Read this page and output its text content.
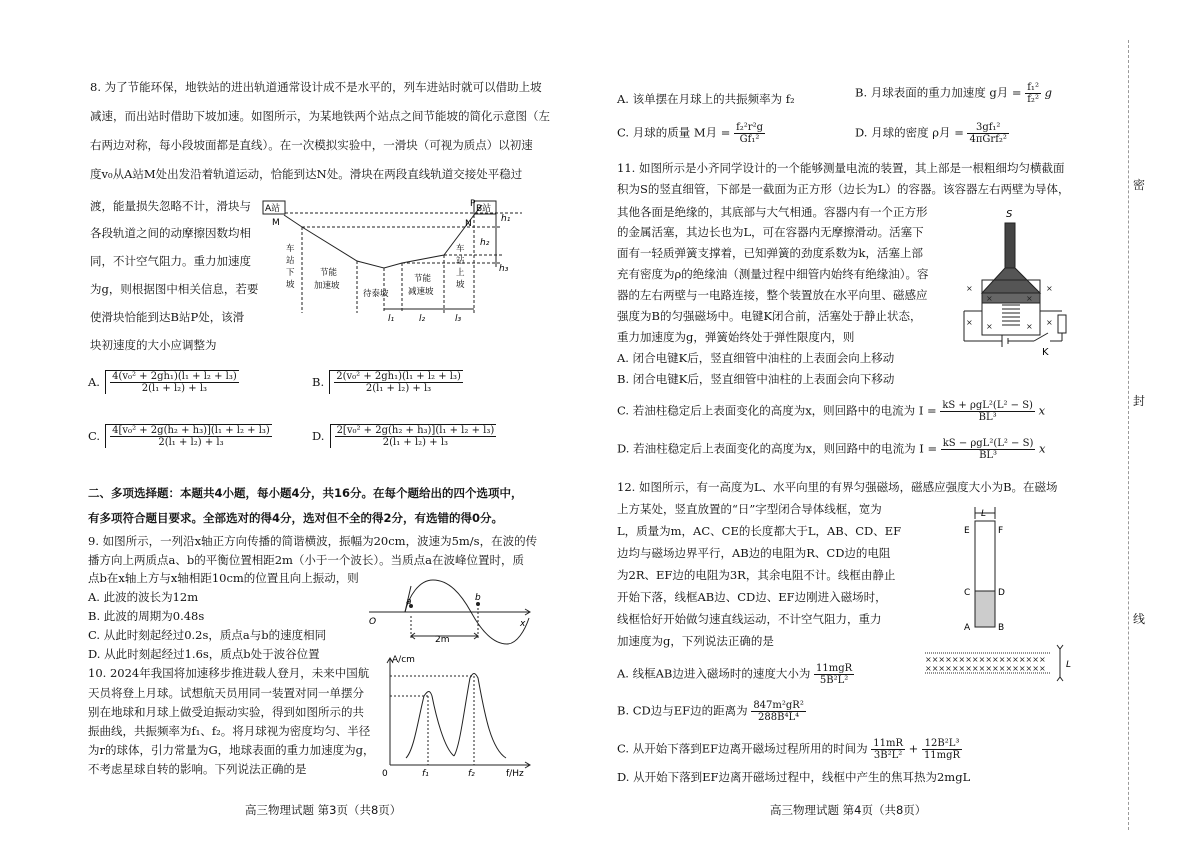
8. 为了节能环保，地铁站的进出轨道通常设计成不是水平的，列车进站时就可以借助上坡
减速，而出站时借助下坡加速。如图所示，为某地铁两个站点之间节能坡的简化示意图（左
右两边对称，每小段坡面都是直线）。在一次模拟实验中，一滑块（可视为质点）以初速
度v₀从A站M处出发沿着轨道运动，恰能到达N处。滑块在两段直线轨道交接处平稳过
渡，能量损失忽略不计，滑块与
各段轨道之间的动摩擦因数均相
同，不计空气阻力。重力加速度
为g，则根据图中相关信息，若要
使滑块恰能到达B站P处，该滑
块初速度的大小应调整为
A站	B站
M	N
P
h₁
h₂
h₃
l₁	l₂	l₃
车
站
下
坡
节能
加速坡
待泰坡
节能
减速坡
车
站
上
坡
A. $\frac{\text{4(v₀² + 2gh₁)(l₁ + l₂ + l₃)}}{\text{2(l₁ + l₂) + l₃}}$	B. $\frac{\text{2(v₀² + 2gh₁)(l₁ + l₂ + l₃)}}{\text{2(l₁ + l₂) + l₃}}$
C. $\frac{\text{4[v₀² + 2g(h₂ + h₃)](l₁ + l₂ + l₃)}}{\text{2(l₁ + l₂) + l₃}}$	D. $\frac{\text{2[v₀² + 2g(h₂ + h₃)](l₁ + l₂ + l₃)}}{\text{2(l₁ + l₂) + l₃}}$
二、多项选择题：本题共4小题，每小题4分，共16分。在每个题给出的四个选项中，
有多项符合题目要求。全部选对的得4分，选对但不全的得2分，有选错的得0分。
9. 如图所示，一列沿x轴正方向传播的简谐横波，振幅为20cm，波速为5m/s，在波的传
播方向上两质点a、b的平衡位置相距2m（小于一个波长）。当质点a在波峰位置时，质
点b在x轴上方与x轴相距10cm的位置且向上振动，则
A. 此波的波长为12m
B. 此波的周期为0.48s
C. 从此时刻起经过0.2s，质点a与b的速度相同
D. 从此时刻起经过1.6s，质点b处于波谷位置
O
a	b
x
2m
10. 2024年我国将加速移步推进载人登月，未来中国航
天员将登上月球。试想航天员用同一装置对同一单摆分
别在地球和月球上做受迫振动实验，得到如图所示的共
振曲线，共振频率为f₁、f₂。将月球视为密度均匀、半径
为r的球体，引力常量为G，地球表面的重力加速度为g，
不考虑星球自转的影响。下列说法正确的是
A/cm
f/Hz
0	f₁	f₂
高三物理试题 第3页（共8页）
A. 该单摆在月球上的共振频率为 f₂	B. 月球表面的重力加速度 g月 = $\frac{\text{f₁²}}{\text{f₂²}}$ g
C. 月球的质量 M月 = $\frac{\text{f₂²r²g}}{\text{Gf₁²}}$	D. 月球的密度 ρ月 = $\frac{\text{3gf₁²}}{\text{4πGrf₂²}}$
11. 如图所示是小齐同学设计的一个能够测量电流的装置，其上部是一根粗细均匀横截面
积为S的竖直细管，下部是一截面为正方形（边长为L）的容器。该容器左右两壁为导体，
其他各面是绝缘的，其底部与大气相通。容器内有一个正方形
的金属活塞，其边长也为L，可在容器内无摩擦滑动。活塞下
面有一轻质弹簧支撑着，已知弹簧的劲度系数为k，活塞上部
充有密度为ρ的绝缘油（测量过程中细管内始终有绝缘油）。容
器的左右两壁与一电路连接，整个装置放在水平向里、磁感应
强度为B的匀强磁场中。电键K闭合前，活塞处于静止状态，
重力加速度为g，弹簧始终处于弹性限度内，则
A. 闭合电键K后，竖直细管中油柱的上表面会向上移动
B. 闭合电键K后，竖直细管中油柱的上表面会向下移动
C. 若油柱稳定后上表面变化的高度为x，则回路中的电流为 $I = \frac{\text{kS + ρgL²(L² − S)}}{\text{BL³}}$ x
D. 若油柱稳定后上表面变化的高度为x，则回路中的电流为 $I = \frac{\text{kS − ρgL²(L² − S)}}{\text{BL³}}$ x
×
×	×
×
× ×	× ×
S
K
12. 如图所示，有一高度为L、水平向里的有界匀强磁场，磁感应强度大小为B。在磁场
上方某处，竖直放置的“日”字型闭合导体线框，宽为
L，质量为m，AC、CE的长度都大于L，AB、CD、EF
边均与磁场边界平行，AB边的电阻为R、CD边的电阻
为2R、EF边的电阻为3R，其余电阻不计。线框由静止
开始下落，线框AB边、CD边、EF边刚进入磁场时，
线框恰好开始做匀速直线运动，不计空气阻力，重力
加速度为g，下列说法正确的是
A. 线框AB边进入磁场时的速度大小为 $\frac{\text{11mgR}}{\text{5B²L²}}$
B. CD边与EF边的距离为 $\frac{\text{847m²gR²}}{\text{288B⁴L⁴}}$
C. 从开始下落到EF边离开磁场过程所用的时间为 $\frac{11mR}{\text{3B²L²}} + \frac{\text{12B²L³}}{\text{11mgR}}$
D. 从开始下落到EF边离开磁场过程中，线框中产生的焦耳热为2mgL
××××××××××××××××××
××××××××××××××××××
L
E	F
C	D
A	B
L
高三物理试题 第4页（共8页）
密
封
线
